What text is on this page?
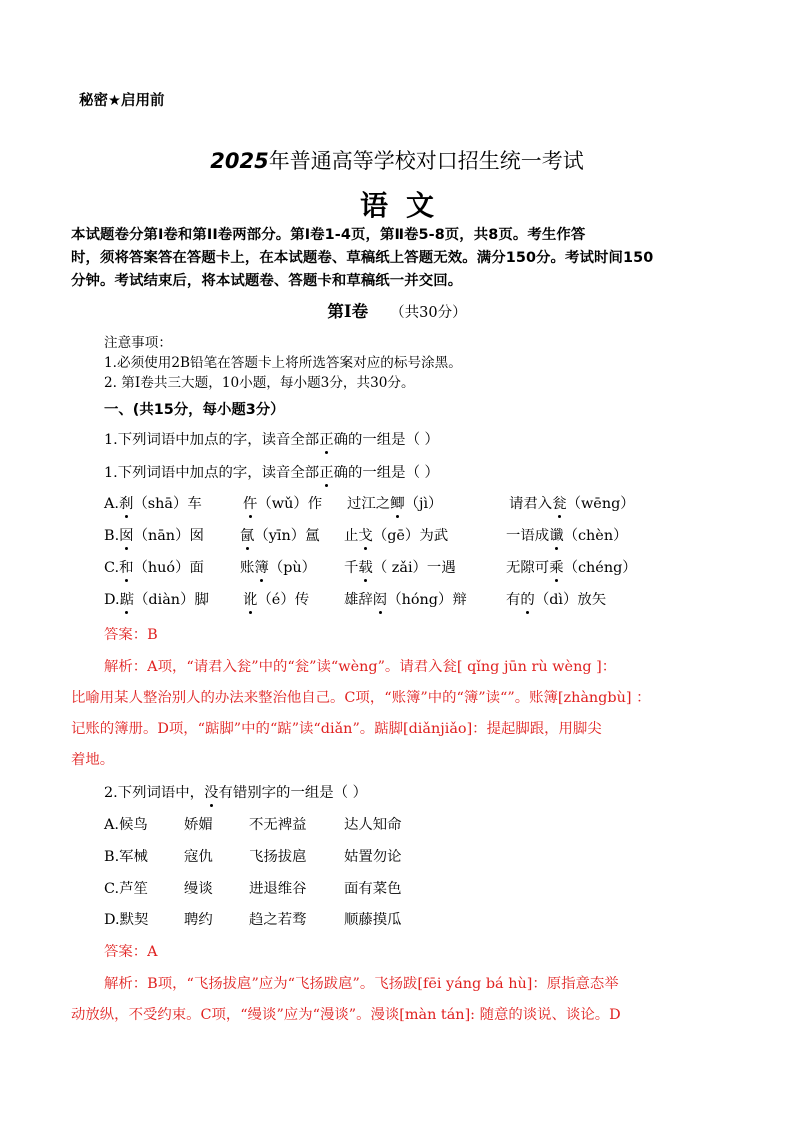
秘密★启用前
2025年普通高等学校对口招生统一考试
语文
本试题卷分第Ⅰ卷和第ⅠⅠ卷两部分。第Ⅰ卷1-4页，第Ⅱ卷5-8页，共8页。考生作答
时，须将答案答在答题卡上，在本试题卷、草稿纸上答题无效。满分150分。考试时间150
分钟。考试结束后，将本试题卷、答题卡和草稿纸一并交回。
第Ⅰ卷 （共30分）
注意事项：
1.必须使用2B铅笔在答题卡上将所选答案对应的标号涂黑。
2. 第Ⅰ卷共三大题，10小题，每小题3分，共30分。
一、(共15分，每小题3分）
1.下列词语中加点的字，读音全部正确的一组是（ ）
1.下列词语中加点的字，读音全部正确的一组是（ ）
A.刹（shā）车	仵（wǔ）作 过江之鲫（jì）	请君入瓮（wēng）
B.囡（nān）囡	氤（yīn）氲 止戈（gē）为武	一语成谶（chèn）
C.和（huó）面	账簿（pù） 千载（ zǎi）一遇	无隙可乘（chéng）
D.踮（diàn）脚 讹（é）传 雄辞闳（hóng）辩	有的（dì）放矢
答案：B
解析：A项，“请君入瓮”中的“瓮”读“wèng”。请君入瓮[ qǐng jūn rù wèng ]：
比喻用某人整治别人的办法来整治他自己。C项，“账簿”中的“簿”读“”。账簿[zhàngbù] ：
记账的簿册。D项，“踮脚”中的“踮”读“diǎn”。踮脚[diǎnjiǎo]：提起脚跟，用脚尖
着地。
2.下列词语中，没有错别字的一组是（ ）
A.候鸟	娇媚	不无裨益	达人知命
B.军械	寇仇	飞扬拔扈	姑置勿论
C.芦笙	缦谈	进退维谷	面有菜色
D.默契 聘约	趋之若骛	顺藤摸瓜
答案：A
解析：B项，“飞扬拔扈”应为“飞扬跋扈”。飞扬跋[fēi yáng bá hù]：原指意态举
动放纵，不受约束。C项，“缦谈”应为“漫谈”。漫谈[màn tán]: 随意的谈说、谈论。D
